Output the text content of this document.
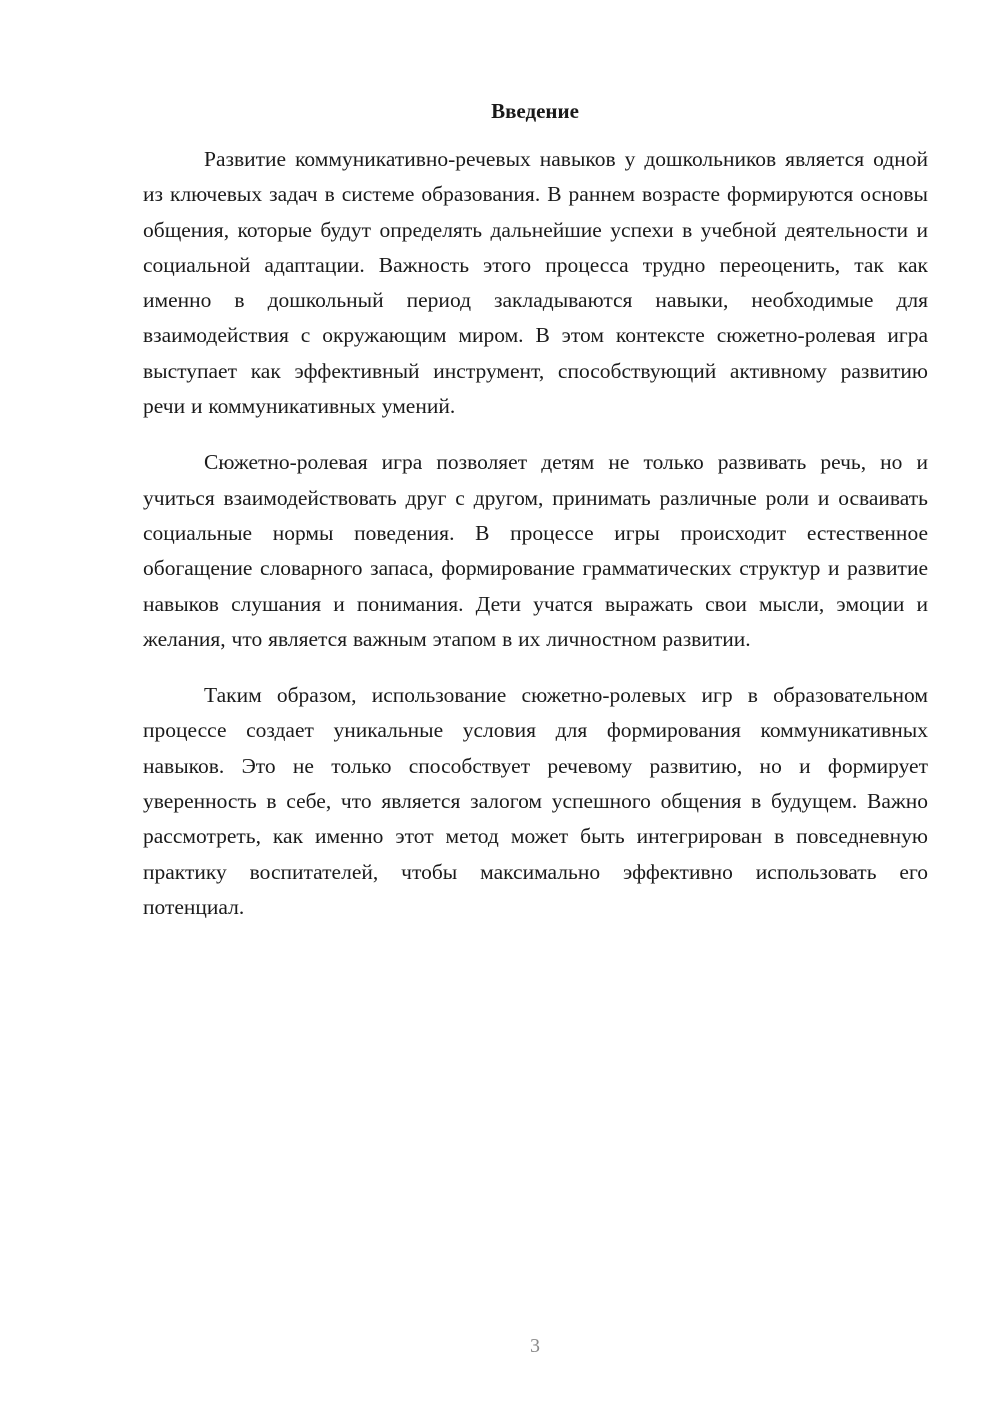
Введение

Развитие коммуникативно-речевых навыков у дошкольников является одной из ключевых задач в системе образования. В раннем возрасте формируются основы общения, которые будут определять дальнейшие успехи в учебной деятельности и социальной адаптации. Важность этого процесса трудно переоценить, так как именно в дошкольный период закладываются навыки, необходимые для взаимодействия с окружающим миром. В этом контексте сюжетно-ролевая игра выступает как эффективный инструмент, способствующий активному развитию речи и коммуникативных умений.

Сюжетно-ролевая игра позволяет детям не только развивать речь, но и учиться взаимодействовать друг с другом, принимать различные роли и осваивать социальные нормы поведения. В процессе игры происходит естественное обогащение словарного запаса, формирование грамматических структур и развитие навыков слушания и понимания. Дети учатся выражать свои мысли, эмоции и желания, что является важным этапом в их личностном развитии.

Таким образом, использование сюжетно-ролевых игр в образовательном процессе создает уникальные условия для формирования коммуникативных навыков. Это не только способствует речевому развитию, но и формирует уверенность в себе, что является залогом успешного общения в будущем. Важно рассмотреть, как именно этот метод может быть интегрирован в повседневную практику воспитателей, чтобы максимально эффективно использовать его потенциал.

3
